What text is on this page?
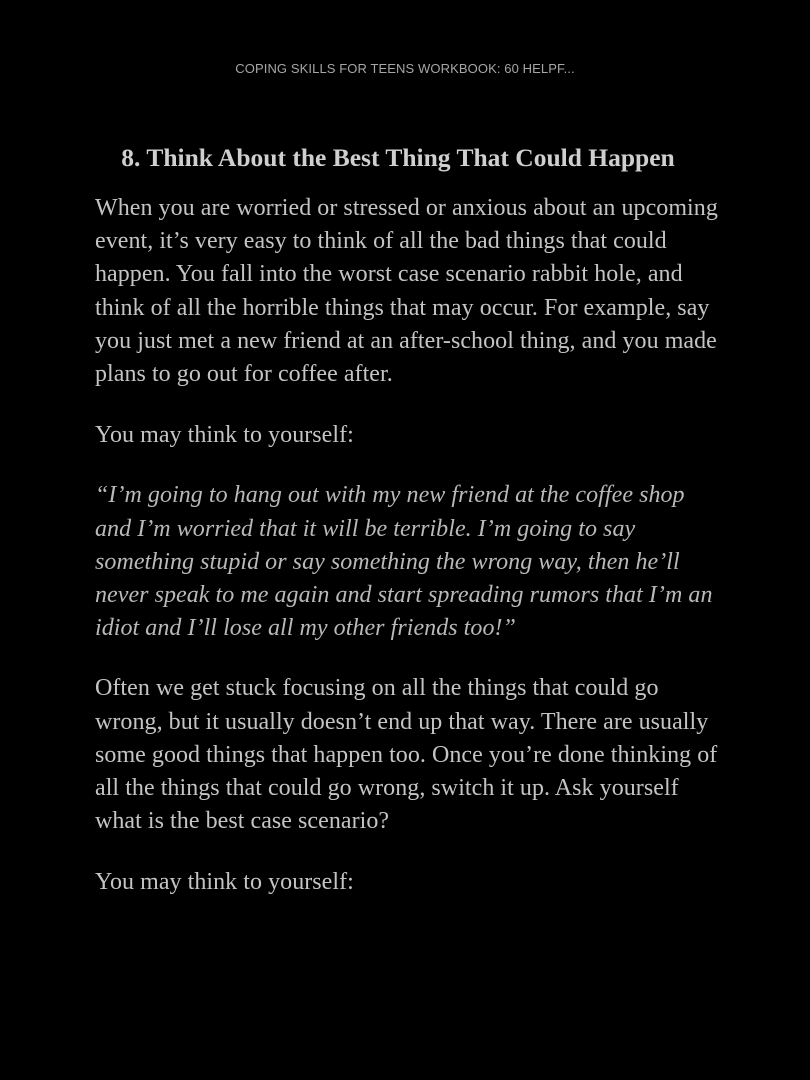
COPING SKILLS FOR TEENS WORKBOOK: 60 HELPF...
8. Think About the Best Thing That Could Happen

When you are worried or stressed or anxious about an upcoming event, it’s very easy to think of all the bad things that could happen. You fall into the worst case scenario rabbit hole, and think of all the horrible things that may occur. For example, say you just met a new friend at an after-school thing, and you made plans to go out for coffee after.

You may think to yourself:

“I’m going to hang out with my new friend at the coffee shop and I’m worried that it will be terrible. I’m going to say something stupid or say something the wrong way, then he’ll never speak to me again and start spreading rumors that I’m an idiot and I’ll lose all my other friends too!”

Often we get stuck focusing on all the things that could go wrong, but it usually doesn’t end up that way. There are usually some good things that happen too. Once you’re done thinking of all the things that could go wrong, switch it up. Ask yourself what is the best case scenario?

You may think to yourself:
